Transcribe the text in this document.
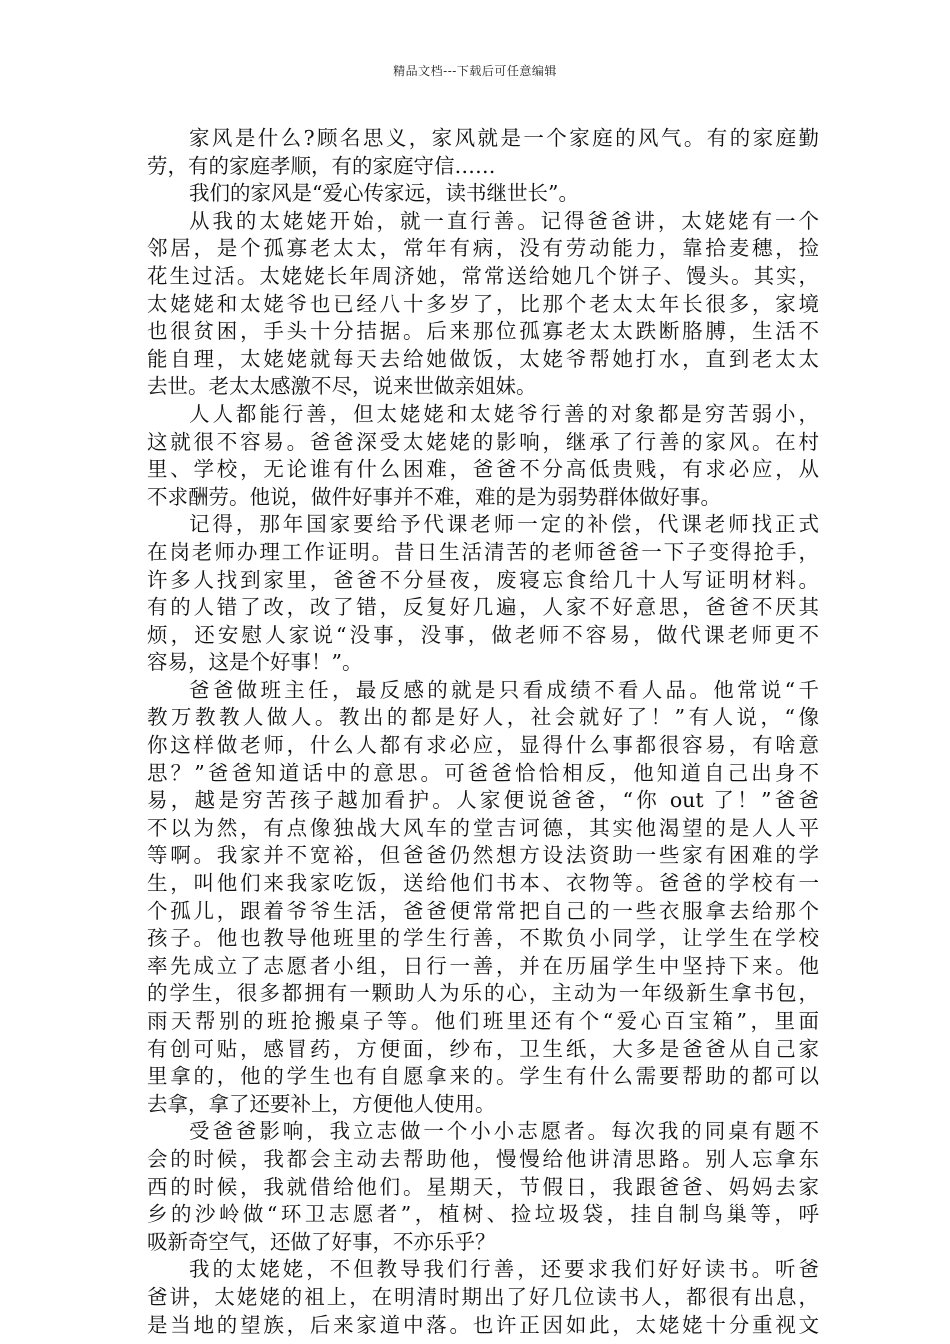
精品文档---下载后可任意编辑
家风是什么?顾名思义，家风就是一个家庭的风气。有的家庭勤
劳，有的家庭孝顺，有的家庭守信……
我们的家风是“爱心传家远，读书继世长”。
从我的太姥姥开始，就一直行善。记得爸爸讲，太姥姥有一个
邻居，是个孤寡老太太，常年有病，没有劳动能力，靠拾麦穗，捡
花生过活。太姥姥长年周济她，常常送给她几个饼子、馒头。其实，
太姥姥和太姥爷也已经八十多岁了，比那个老太太年长很多，家境
也很贫困，手头十分拮据。后来那位孤寡老太太跌断胳膊，生活不
能自理，太姥姥就每天去给她做饭，太姥爷帮她打水，直到老太太
去世。老太太感激不尽，说来世做亲姐妹。
人人都能行善，但太姥姥和太姥爷行善的对象都是穷苦弱小，
这就很不容易。爸爸深受太姥姥的影响，继承了行善的家风。在村
里、学校，无论谁有什么困难，爸爸不分高低贵贱，有求必应，从
不求酬劳。他说，做件好事并不难，难的是为弱势群体做好事。
记得，那年国家要给予代课老师一定的补偿，代课老师找正式
在岗老师办理工作证明。昔日生活清苦的老师爸爸一下子变得抢手，
许多人找到家里，爸爸不分昼夜，废寝忘食给几十人写证明材料。
有的人错了改，改了错，反复好几遍，人家不好意思，爸爸不厌其
烦，还安慰人家说“没事，没事，做老师不容易，做代课老师更不
容易，这是个好事！”。
爸爸做班主任，最反感的就是只看成绩不看人品。他常说“千
教万教教人做人。教出的都是好人，社会就好了！”有人说，“像
你这样做老师，什么人都有求必应，显得什么事都很容易，有啥意
思？”爸爸知道话中的意思。可爸爸恰恰相反，他知道自己出身不
易，越是穷苦孩子越加看护。人家便说爸爸，“你 out 了！”爸爸
不以为然，有点像独战大风车的堂吉诃德，其实他渴望的是人人平
等啊。我家并不宽裕，但爸爸仍然想方设法资助一些家有困难的学
生，叫他们来我家吃饭，送给他们书本、衣物等。爸爸的学校有一
个孤儿，跟着爷爷生活，爸爸便常常把自己的一些衣服拿去给那个
孩子。他也教导他班里的学生行善，不欺负小同学，让学生在学校
率先成立了志愿者小组，日行一善，并在历届学生中坚持下来。他
的学生，很多都拥有一颗助人为乐的心，主动为一年级新生拿书包，
雨天帮别的班抢搬桌子等。他们班里还有个“爱心百宝箱”，里面
有创可贴，感冒药，方便面，纱布，卫生纸，大多是爸爸从自己家
里拿的，他的学生也有自愿拿来的。学生有什么需要帮助的都可以
去拿，拿了还要补上，方便他人使用。
受爸爸影响，我立志做一个小小志愿者。每次我的同桌有题不
会的时候，我都会主动去帮助他，慢慢给他讲清思路。别人忘拿东
西的时候，我就借给他们。星期天，节假日，我跟爸爸、妈妈去家
乡的沙岭做“环卫志愿者”，植树、捡垃圾袋，挂自制鸟巢等，呼
吸新奇空气，还做了好事，不亦乐乎？
我的太姥姥，不但教导我们行善，还要求我们好好读书。听爸
爸讲，太姥姥的祖上，在明清时期出了好几位读书人，都很有出息，
是当地的望族，后来家道中落。也许正因如此，太姥姥十分重视文
